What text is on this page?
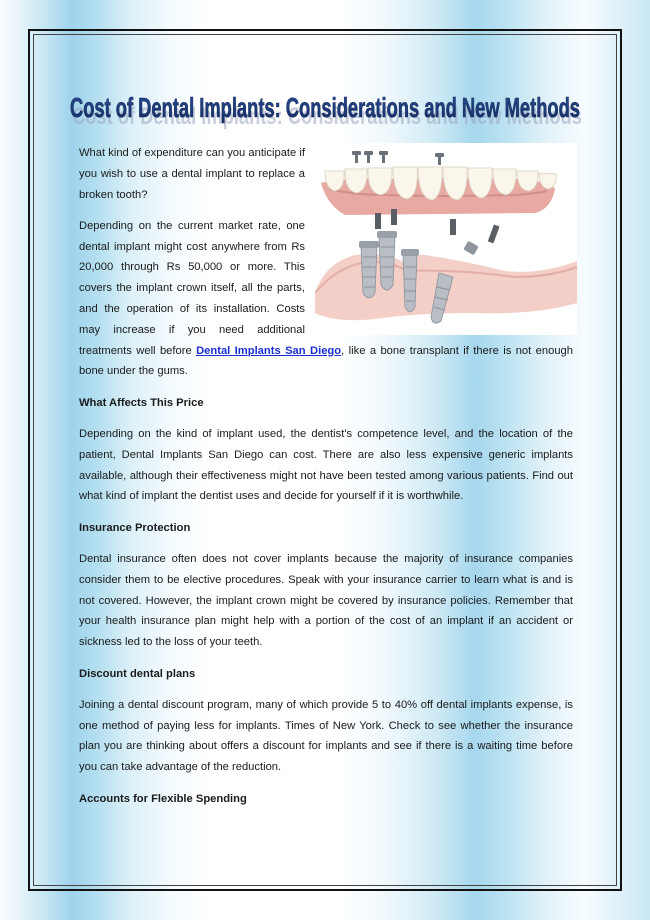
Cost of Dental Implants: Considerations and New Methods
Cost of Dental Implants: Considerations and New Methods

What kind of expenditure can you anticipate if you wish to use a dental implant to replace a broken tooth?

Depending on the current market rate, one dental implant might cost anywhere from Rs 20,000 through Rs 50,000 or more. This covers the implant crown itself, all the parts, and the operation of its installation. Costs may increase if you need additional treatments well before Dental Implants San Diego, like a bone transplant if there is not enough bone under the gums.

What Affects This Price

Depending on the kind of implant used, the dentist's competence level, and the location of the patient, Dental Implants San Diego can cost. There are also less expensive generic implants available, although their effectiveness might not have been tested among various patients. Find out what kind of implant the dentist uses and decide for yourself if it is worthwhile.

Insurance Protection

Dental insurance often does not cover implants because the majority of insurance companies consider them to be elective procedures. Speak with your insurance carrier to learn what is and is not covered. However, the implant crown might be covered by insurance policies. Remember that your health insurance plan might help with a portion of the cost of an implant if an accident or sickness led to the loss of your teeth.

Discount dental plans

Joining a dental discount program, many of which provide 5 to 40% off dental implants expense, is one method of paying less for implants. Times of New York. Check to see whether the insurance plan you are thinking about offers a discount for implants and see if there is a waiting time before you can take advantage of the reduction.

Accounts for Flexible Spending
